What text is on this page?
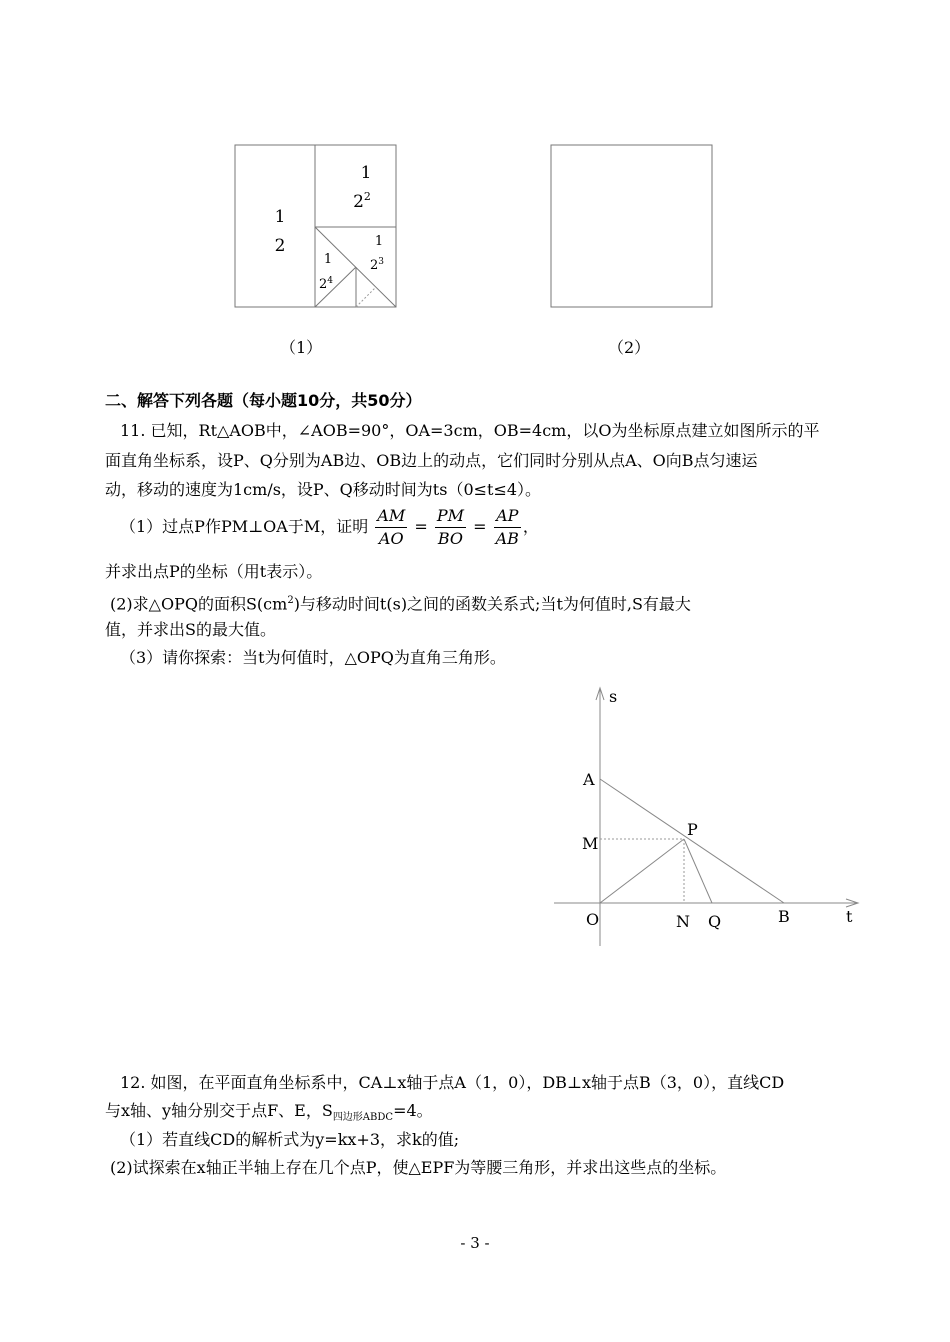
1
2
1
$2^2$
1
$2^3$
1
$2^4$
（1）	（2）
二、解答下列各题（每小题10分，共50分）
11. 已知，Rt△AOB中，∠AOB=90°，OA=3cm，OB=4cm，以O为坐标原点建立如图所示的平
面直角坐标系，设P、Q分别为AB边、OB边上的动点，它们同时分别从点A、O向B点匀速运
动，移动的速度为1cm/s，设P、Q移动时间为ts（0≤t≤4）。
（1）过点P作PM⊥OA于M，证明 $\frac{AM}{AO} = \frac{PM}{BO} = \frac{AP}{AB}$ ，
并求出点P的坐标（用t表示）。
(2)求△OPQ的面积$S(cm^2)$与移动时间t(s)之间的函数关系式;当t为何值时,S有最大
值，并求出S的最大值。
（3）请你探索：当t为何值时，△OPQ为直角三角形。
s
t
A
M
P
O	N Q	B
12. 如图，在平面直角坐标系中，CA⊥x轴于点A（1，0），DB⊥x轴于点B（3，0），直线CD
与x轴、y轴分别交于点F、E，$S_{四边形ABDC}=4$。
（1）若直线CD的解析式为y=kx+3，求k的值;
(2)试探索在x轴正半轴上存在几个点P，使△EPF为等腰三角形，并求出这些点的坐标。
- 3 -
